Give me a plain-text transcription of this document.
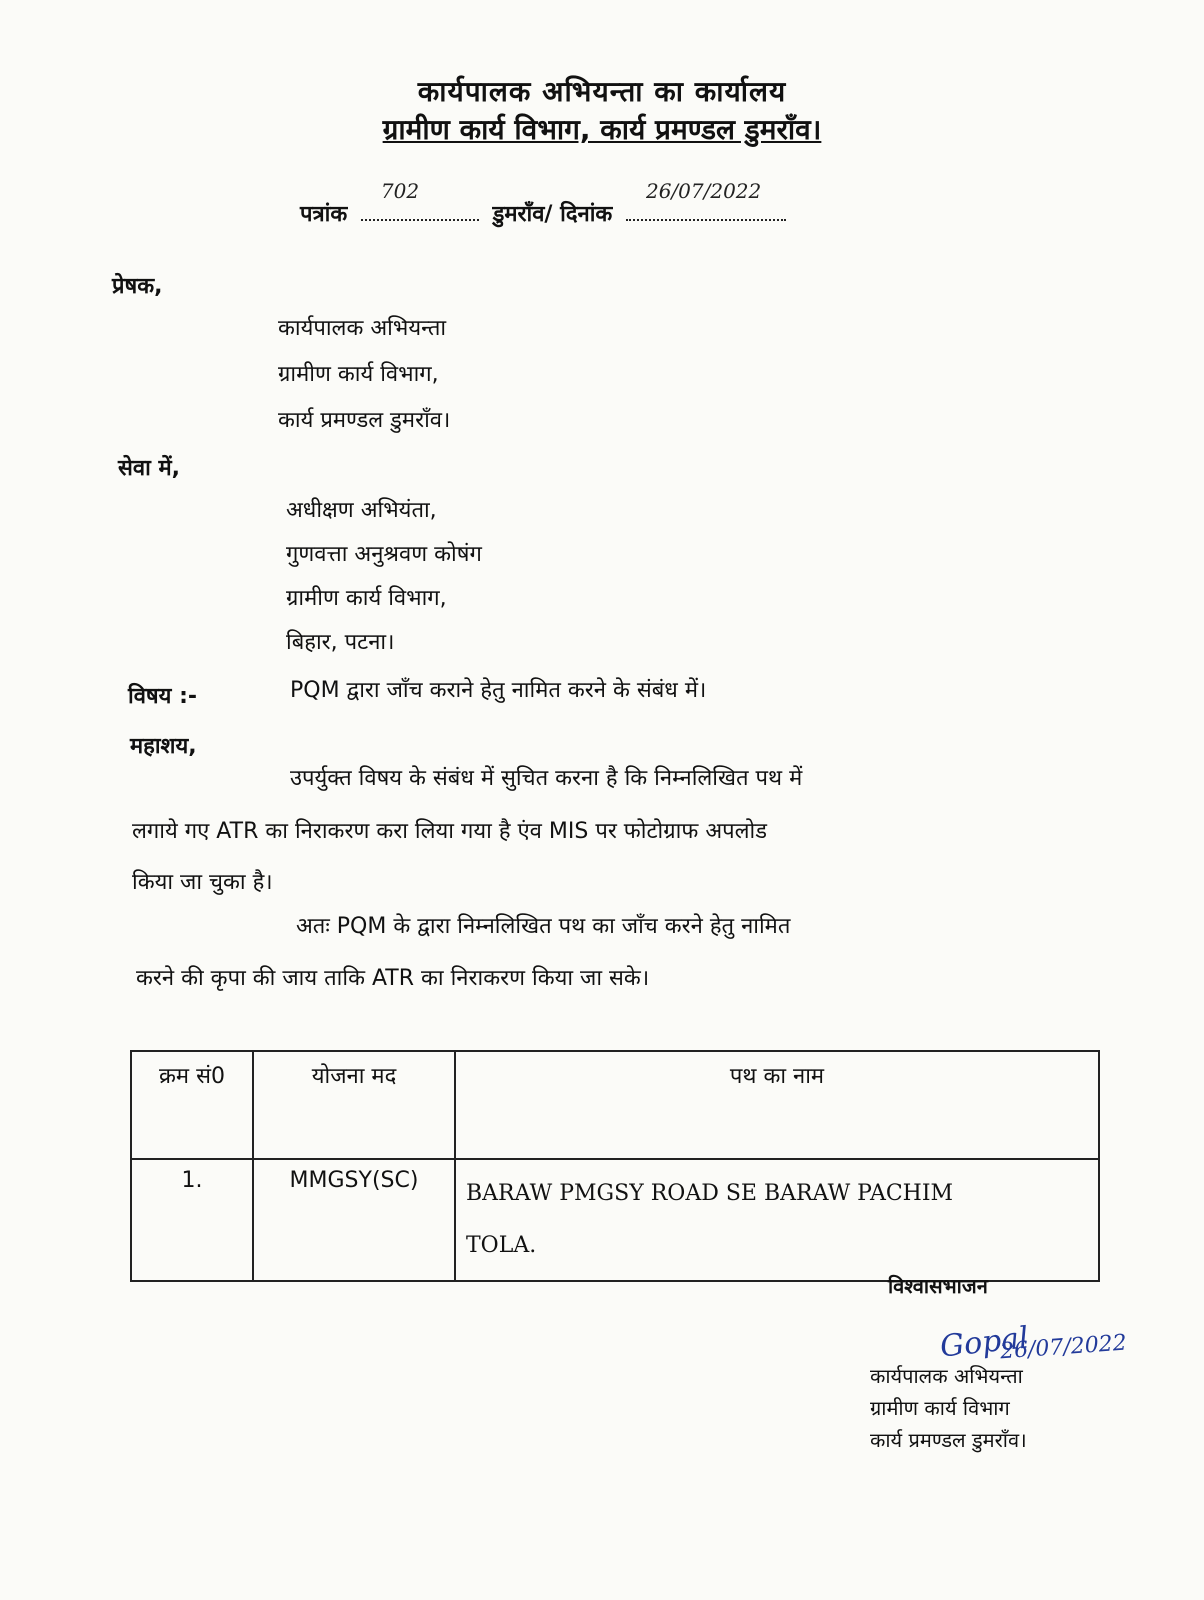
कार्यपालक अभियन्ता का कार्यालय
ग्रामीण कार्य विभाग, कार्य प्रमण्डल डुमराँव।
पत्रांक
702
डुमराँव/ दिनांक
26/07/2022
प्रेषक,
कार्यपालक अभियन्ता
ग्रामीण कार्य विभाग,
कार्य प्रमण्डल डुमराँव।
सेवा में,
अधीक्षण अभियंता,
गुणवत्ता अनुश्रवण कोषंग
ग्रामीण कार्य विभाग,
बिहार, पटना।
विषय :-	PQM द्वारा जाँच कराने हेतु नामित करने के संबंध में।
महाशय,
उपर्युक्त विषय के संबंध में सुचित करना है कि निम्नलिखित पथ में
लगाये गए ATR का निराकरण करा लिया गया है एंव MIS पर फोटोग्राफ अपलोड
किया जा चुका है।
अतः PQM के द्वारा निम्नलिखित पथ का जाँच करने हेतु नामित
करने की कृपा की जाय ताकि ATR का निराकरण किया जा सके।
क्रम सं0	योजना मद	पथ का नाम
1.	MMGSY(SC)	BARAW PMGSY ROAD SE BARAW PACHIM
TOLA.
विश्वासभाजन
Gopal
26/07/2022
कार्यपालक अभियन्ता
ग्रामीण कार्य विभाग
कार्य प्रमण्डल डुमराँव।
